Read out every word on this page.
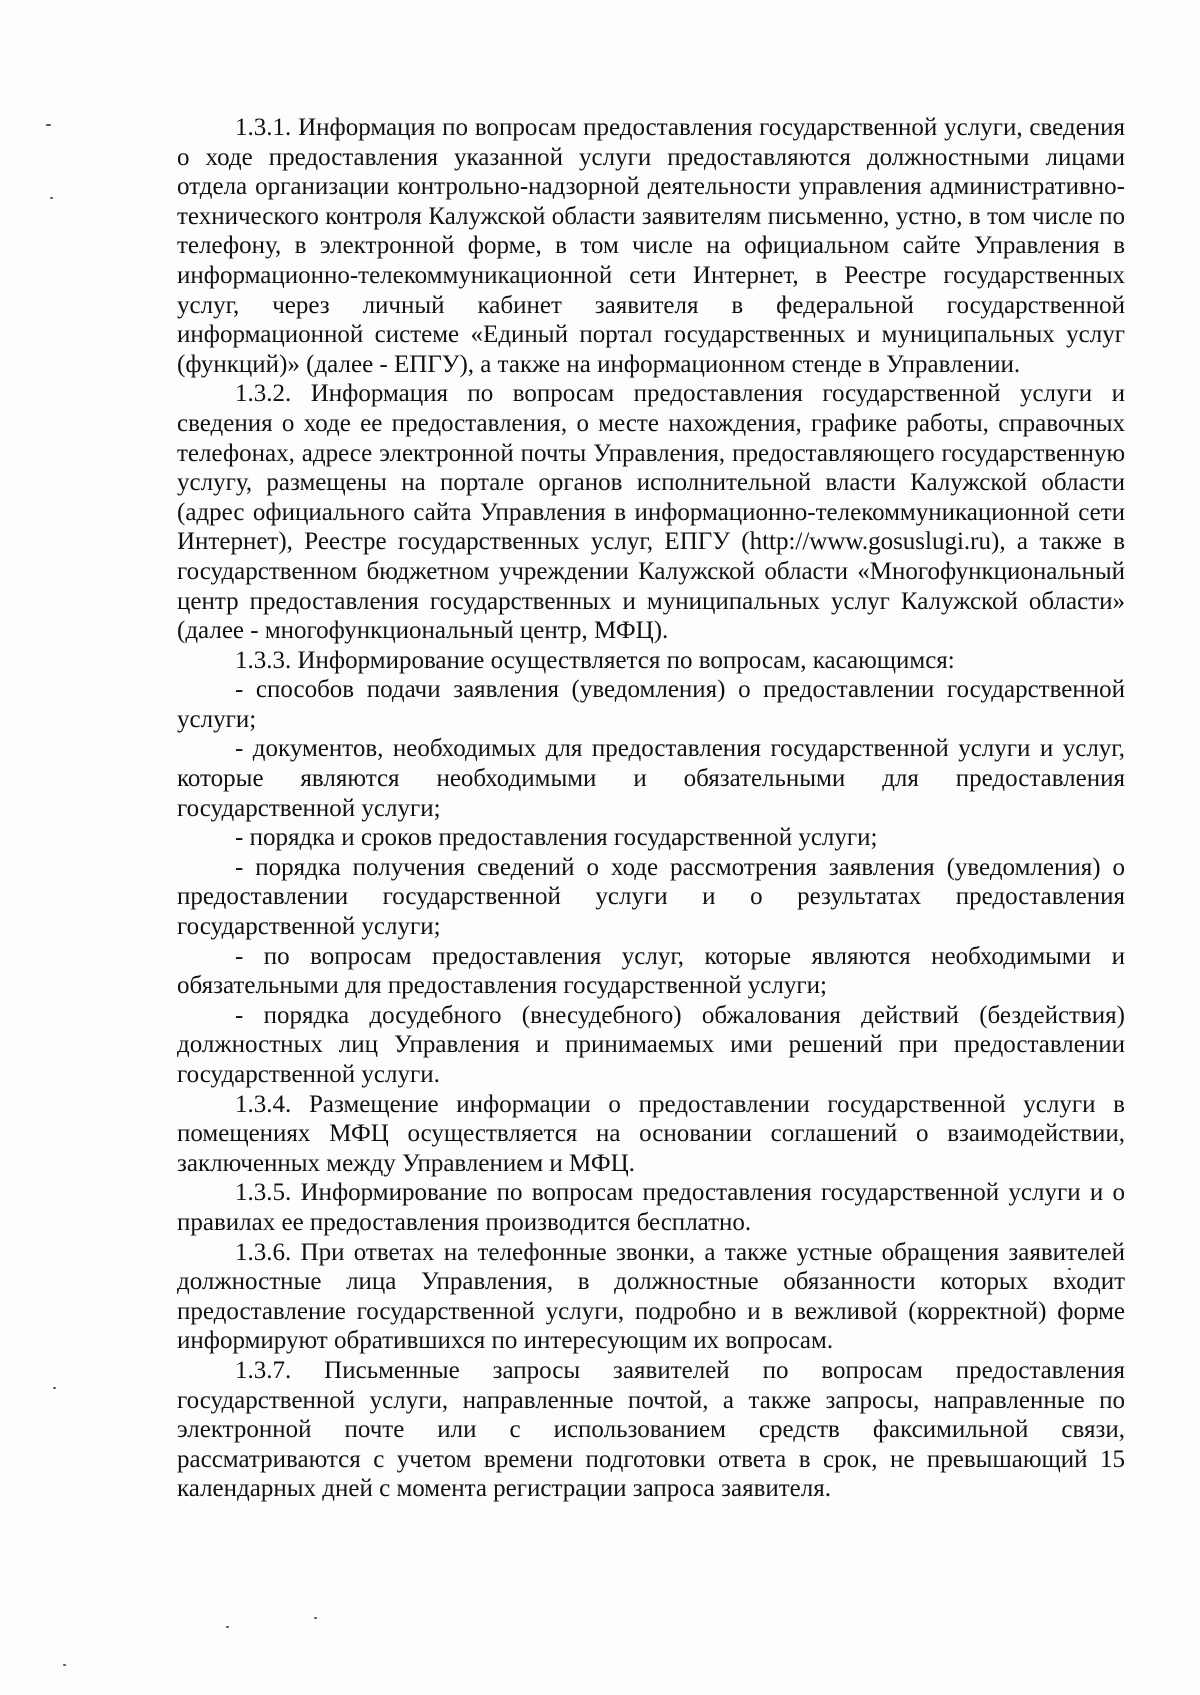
1.3.1. Информация по вопросам предоставления государственной услуги, сведения о ходе предоставления указанной услуги предоставляются должностными лицами отдела организации контрольно-надзорной деятельности управления административно-технического контроля Калужской области заявителям письменно, устно, в том числе по телефону, в электронной форме, в том числе на официальном сайте Управления в информационно-телекоммуникационной сети Интернет, в Реестре государственных услуг, через личный кабинет заявителя в федеральной государственной информационной системе «Единый портал государственных и муниципальных услуг (функций)» (далее - ЕПГУ), а также на информационном стенде в Управлении.

1.3.2. Информация по вопросам предоставления государственной услуги и сведения о ходе ее предоставления, о месте нахождения, графике работы, справочных телефонах, адресе электронной почты Управления, предоставляющего государственную услугу, размещены на портале органов исполнительной власти Калужской области (адрес официального сайта Управления в информационно-телекоммуникационной сети Интернет), Реестре государственных услуг, ЕПГУ (http://www.gosuslugi.ru), а также в государственном бюджетном учреждении Калужской области «Многофункциональный центр предоставления государственных и муниципальных услуг Калужской области» (далее - многофункциональный центр, МФЦ).

1.3.3. Информирование осуществляется по вопросам, касающимся:

- способов подачи заявления (уведомления) о предоставлении государственной услуги;

- документов, необходимых для предоставления государственной услуги и услуг, которые являются необходимыми и обязательными для предоставления государственной услуги;

- порядка и сроков предоставления государственной услуги;

- порядка получения сведений о ходе рассмотрения заявления (уведомления) о предоставлении государственной услуги и о результатах предоставления государственной услуги;

- по вопросам предоставления услуг, которые являются необходимыми и обязательными для предоставления государственной услуги;

- порядка досудебного (внесудебного) обжалования действий (бездействия) должностных лиц Управления и принимаемых ими решений при предоставлении государственной услуги.

1.3.4. Размещение информации о предоставлении государственной услуги в помещениях МФЦ осуществляется на основании соглашений о взаимодействии, заключенных между Управлением и МФЦ.

1.3.5. Информирование по вопросам предоставления государственной услуги и о правилах ее предоставления производится бесплатно.

1.3.6. При ответах на телефонные звонки, а также устные обращения заявителей должностные лица Управления, в должностные обязанности которых входит предоставление государственной услуги, подробно и в вежливой (корректной) форме информируют обратившихся по интересующим их вопросам.

1.3.7. Письменные запросы заявителей по вопросам предоставления государственной услуги, направленные почтой, а также запросы, направленные по электронной почте или с использованием средств факсимильной связи, рассматриваются с учетом времени подготовки ответа в срок, не превышающий 15 календарных дней с момента регистрации запроса заявителя.
